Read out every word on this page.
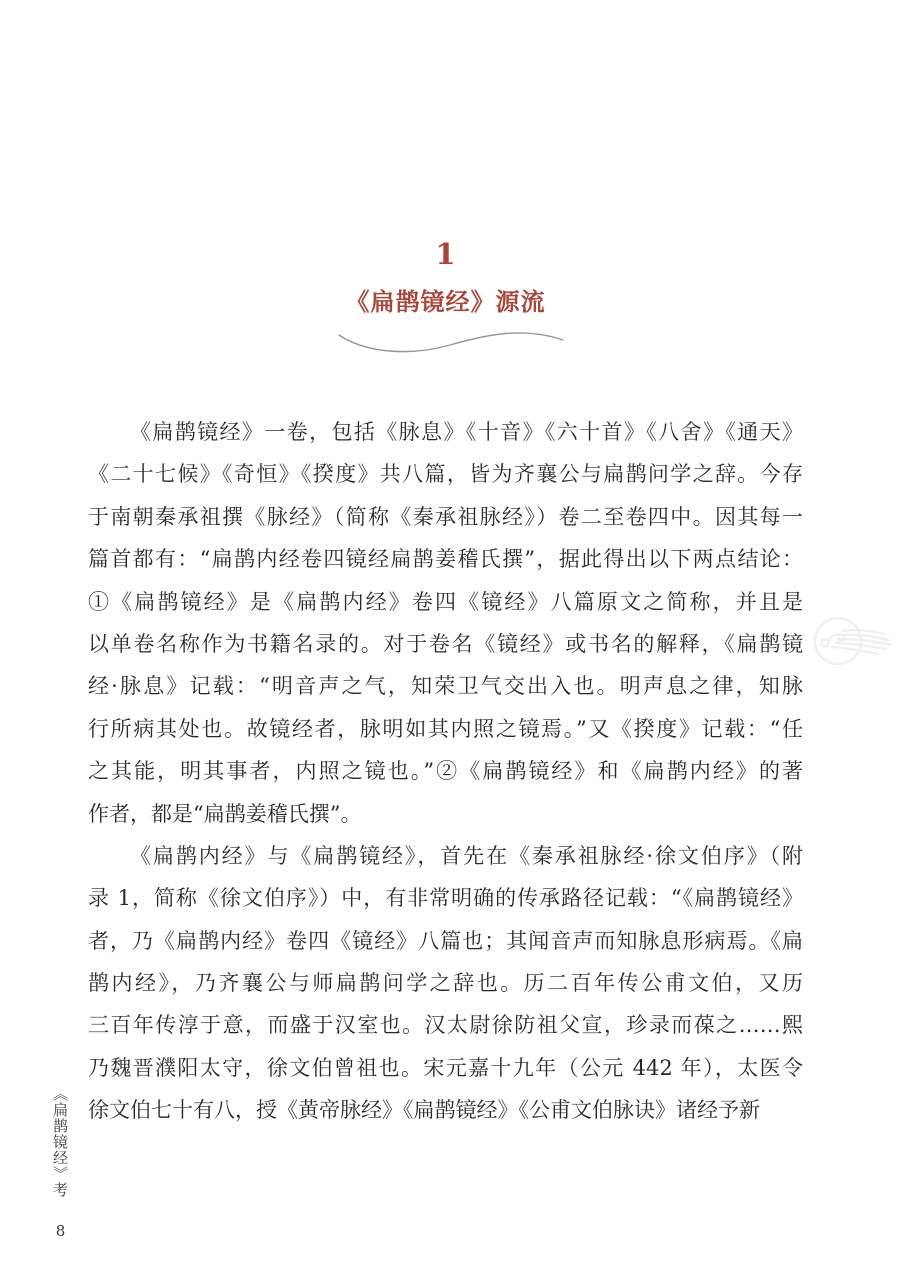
1
《扁鹊镜经》源流
《扁鹊镜经》一卷，包括《脉息》《十音》《六十首》《八舍》《通天》
《二十七候》《奇恒》《揆度》共八篇，皆为齐襄公与扁鹊问学之辞。今存
于南朝秦承祖撰《脉经》（简称《秦承祖脉经》）卷二至卷四中。因其每一
篇首都有：“扁鹊内经卷四镜经扁鹊姜稽氏撰”，据此得出以下两点结论：
①《扁鹊镜经》是《扁鹊内经》卷四《镜经》八篇原文之简称，并且是
以单卷名称作为书籍名录的。对于卷名《镜经》或书名的解释，《扁鹊镜
经·脉息》记载：“明音声之气，知荣卫气交出入也。明声息之律，知脉
行所病其处也。故镜经者，脉明如其内照之镜焉。”又《揆度》记载：“任
之其能，明其事者，内照之镜也。”②《扁鹊镜经》和《扁鹊内经》的著
作者，都是“扁鹊姜稽氏撰”。
《扁鹊内经》与《扁鹊镜经》，首先在《秦承祖脉经·徐文伯序》（附
录 1，简称《徐文伯序》）中，有非常明确的传承路径记载：“《扁鹊镜经》
者，乃《扁鹊内经》卷四《镜经》八篇也；其闻音声而知脉息形病焉。《扁
鹊内经》，乃齐襄公与师扁鹊问学之辞也。历二百年传公甫文伯，又历
三百年传淳于意，而盛于汉室也。汉太尉徐防祖父宣，珍录而葆之……熙
乃魏晋濮阳太守，徐文伯曾祖也。宋元嘉十九年（公元 442 年），太医令
徐文伯七十有八，授《黄帝脉经》《扁鹊镜经》《公甫文伯脉诀》诸经予新
《扁鹊镜经》考
8
